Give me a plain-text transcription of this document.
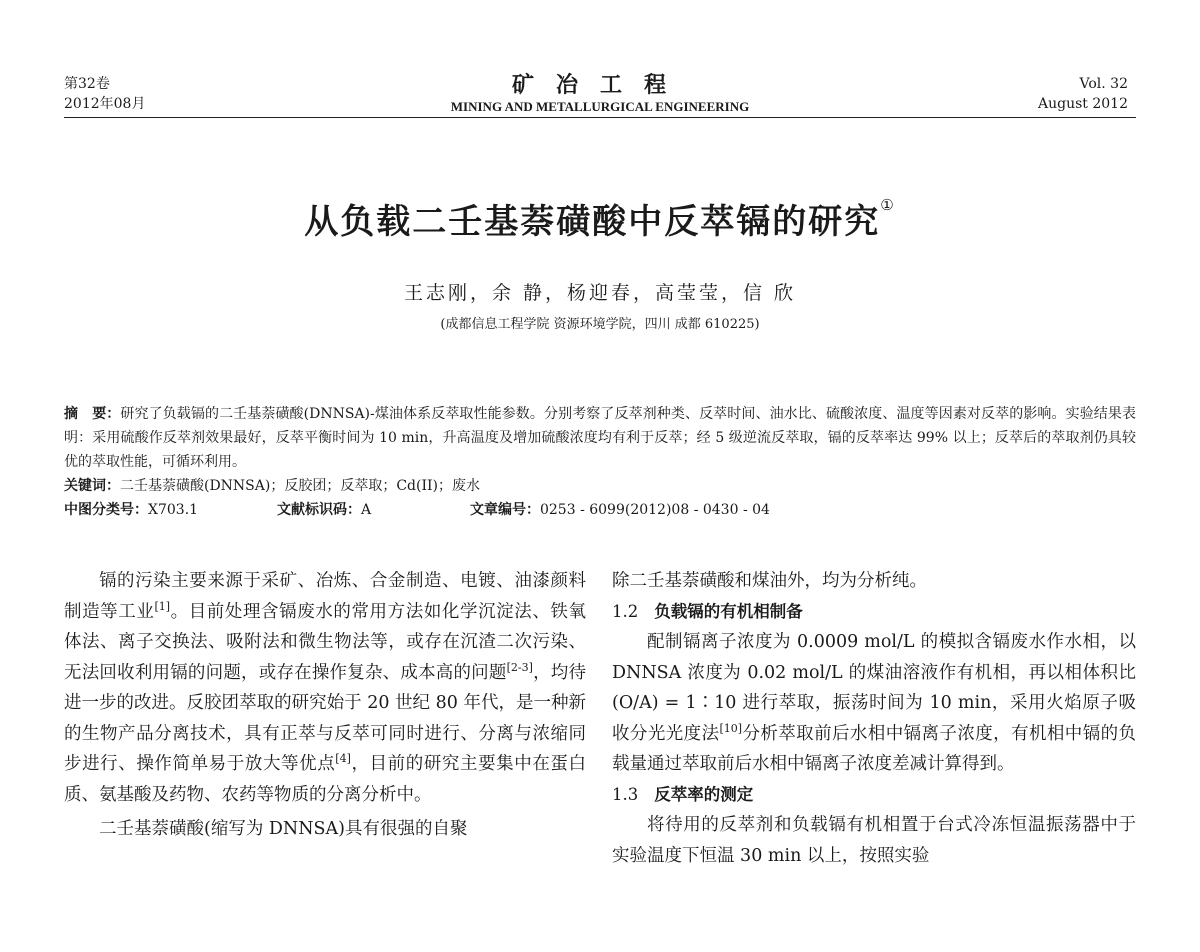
第32卷
2012年08月
矿冶工程
MINING AND METALLURGICAL ENGINEERING
Vol. 32
August 2012
从负载二壬基萘磺酸中反萃镉的研究①
王志刚，余 静，杨迎春，高莹莹，信 欣
(成都信息工程学院 资源环境学院，四川 成都 610225)
摘　要：研究了负载镉的二壬基萘磺酸(DNNSA)-煤油体系反萃取性能参数。分别考察了反萃剂种类、反萃时间、油水比、硫酸浓度、温度等因素对反萃的影响。实验结果表明：采用硫酸作反萃剂效果最好，反萃平衡时间为 10 min，升高温度及增加硫酸浓度均有利于反萃；经 5 级逆流反萃取，镉的反萃率达 99% 以上；反萃后的萃取剂仍具较优的萃取性能，可循环利用。
关键词：二壬基萘磺酸(DNNSA)；反胶团；反萃取；Cd(II)；废水
中图分类号：X703.1	文献标识码：A	文章编号：0253 - 6099(2012)08 - 0430 - 04

镉的污染主要来源于采矿、冶炼、合金制造、电镀、油漆颜料制造等工业[1]。目前处理含镉废水的常用方法如化学沉淀法、铁氧体法、离子交换法、吸附法和微生物法等，或存在沉渣二次污染、无法回收利用镉的问题，或存在操作复杂、成本高的问题[2-3]，均待进一步的改进。反胶团萃取的研究始于 20 世纪 80 年代，是一种新的生物产品分离技术，具有正萃与反萃可同时进行、分离与浓缩同步进行、操作简单易于放大等优点[4]，目前的研究主要集中在蛋白质、氨基酸及药物、农药等物质的分离分析中。

二壬基萘磺酸(缩写为 DNNSA)具有很强的自聚

除二壬基萘磺酸和煤油外，均为分析纯。

1.2 负载镉的有机相制备

配制镉离子浓度为 0.0009 mol/L 的模拟含镉废水作水相，以 DNNSA 浓度为 0.02 mol/L 的煤油溶液作有机相，再以相体积比(O/A) = 1∶10 进行萃取，振荡时间为 10 min，采用火焰原子吸收分光光度法[10]分析萃取前后水相中镉离子浓度，有机相中镉的负载量通过萃取前后水相中镉离子浓度差减计算得到。

1.3 反萃率的测定

将待用的反萃剂和负载镉有机相置于台式冷冻恒温振荡器中于实验温度下恒温 30 min 以上，按照实验
